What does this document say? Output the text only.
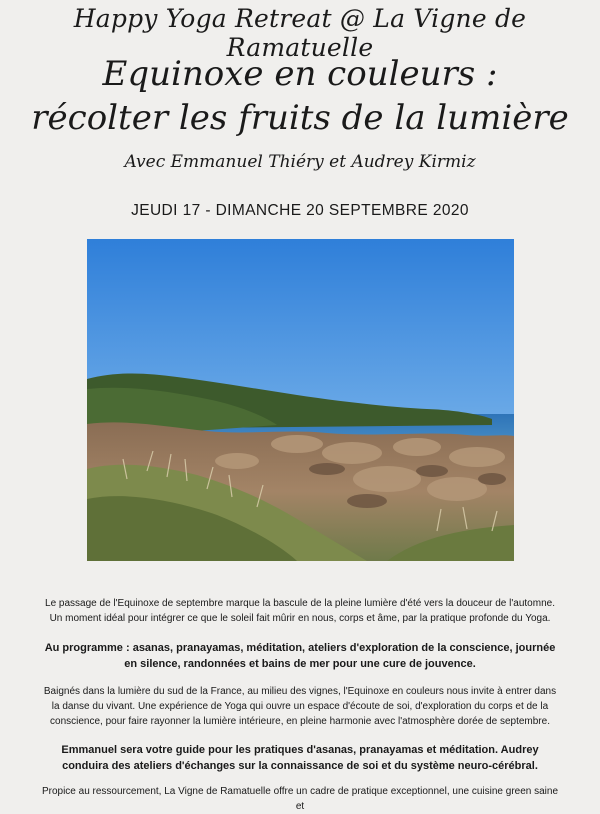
Happy Yoga Retreat @ La Vigne de Ramatuelle
Equinoxe en couleurs :
récolter les fruits de la lumière
Avec Emmanuel Thiéry et Audrey Kirmiz
JEUDI 17 - DIMANCHE 20 SEPTEMBRE 2020

Le passage de l'Equinoxe de septembre marque la bascule de la pleine lumière d'été vers la douceur de l'automne. Un moment idéal pour intégrer ce que le soleil fait mûrir en nous, corps et âme, par la pratique profonde du Yoga.

Au programme : asanas, pranayamas, méditation, ateliers d'exploration de la conscience, journée en silence, randonnées et bains de mer pour une cure de jouvence.

Baignés dans la lumière du sud de la France, au milieu des vignes, l'Equinoxe en couleurs nous invite à entrer dans la danse du vivant. Une expérience de Yoga qui ouvre un espace d'écoute de soi, d'exploration du corps et de la conscience, pour faire rayonner la lumière intérieure, en pleine harmonie avec l'atmosphère dorée de septembre.

Emmanuel sera votre guide pour les pratiques d'asanas, pranayamas et méditation. Audrey conduira des ateliers d'échanges sur la connaissance de soi et du système neuro-cérébral.

Propice au ressourcement, La Vigne de Ramatuelle offre un cadre de pratique exceptionnel, une cuisine green saine et
